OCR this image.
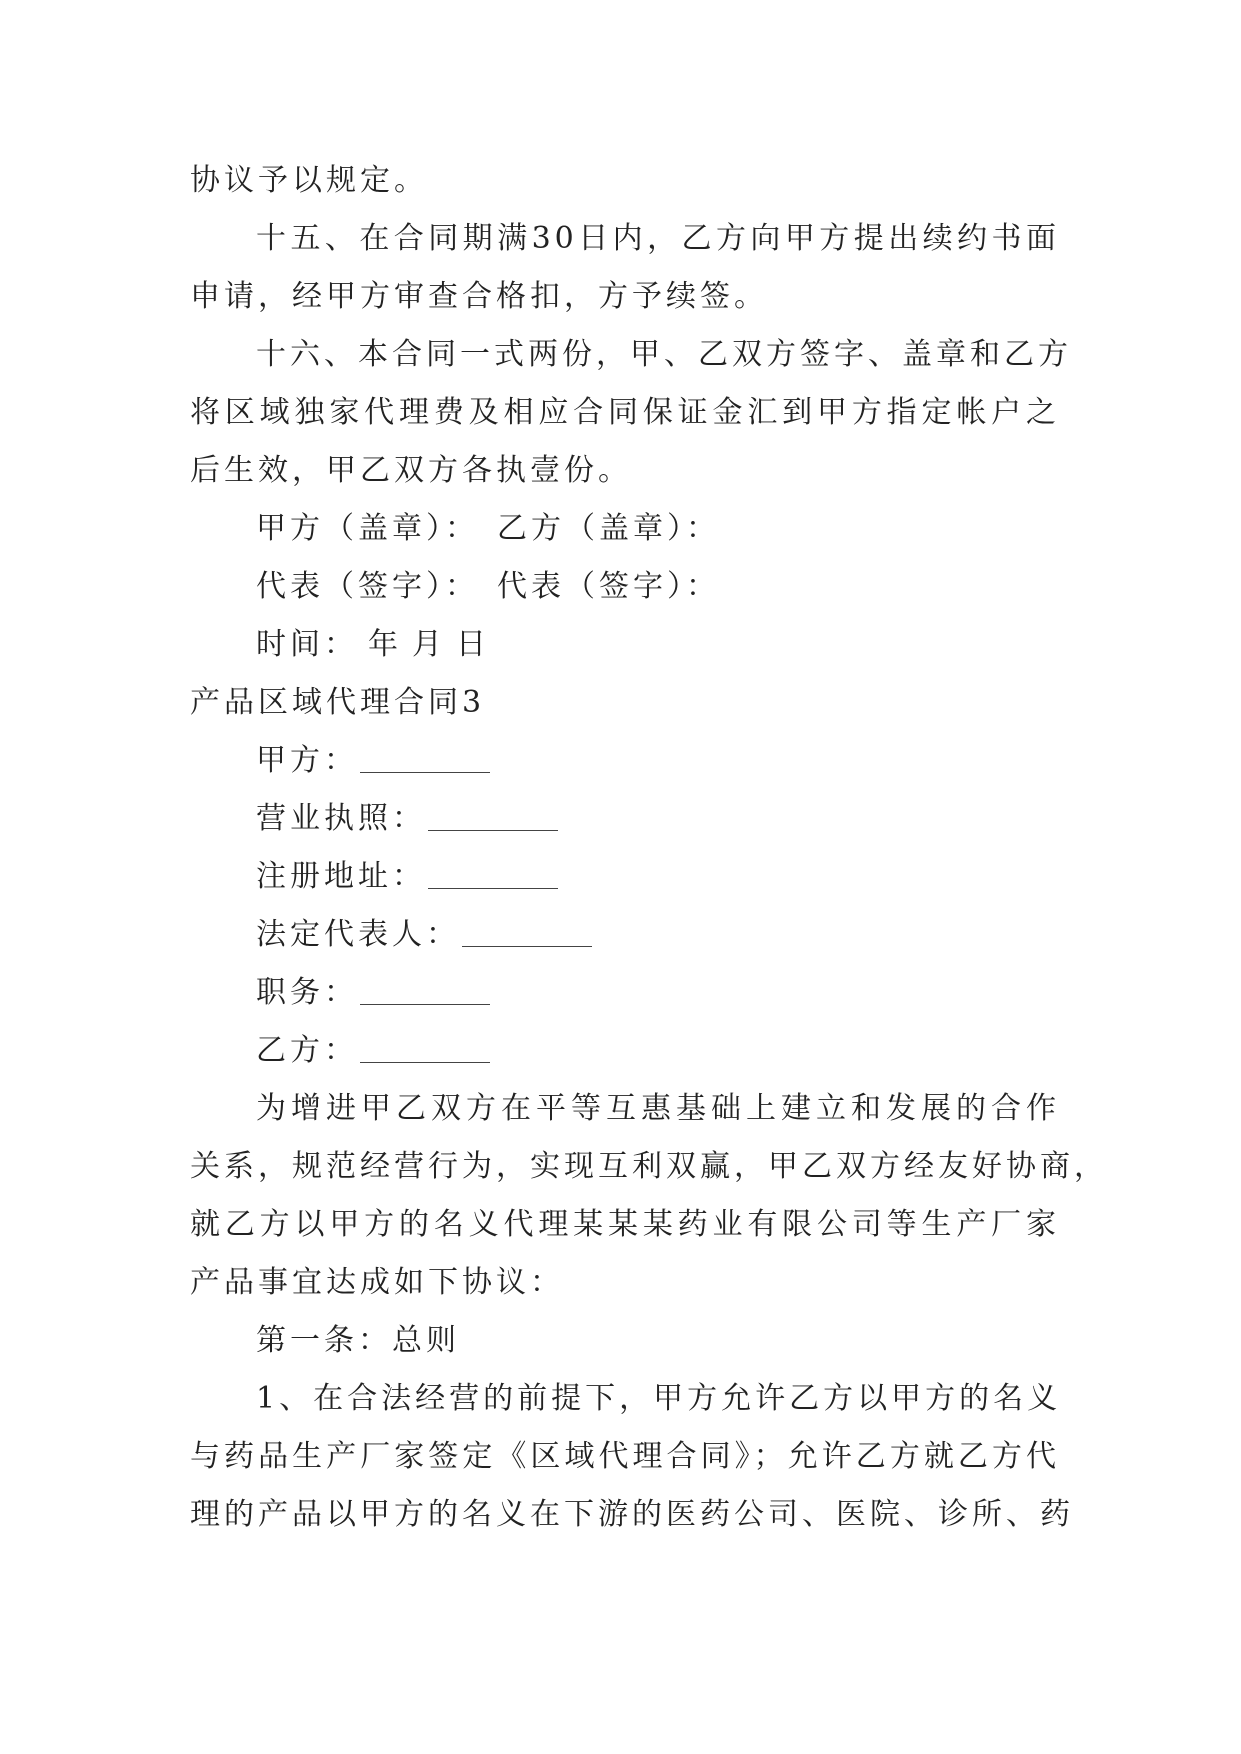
协议予以规定。
十五、在合同期满30日内，乙方向甲方提出续约书面
申请，经甲方审查合格扣，方予续签。
十六、本合同一式两份，甲、乙双方签字、盖章和乙方
将区域独家代理费及相应合同保证金汇到甲方指定帐户之
后生效，甲乙双方各执壹份。
甲方（盖章）： 乙方（盖章）：
代表（签字）： 代表（签字）：
时间： 年 月 日
产品区域代理合同3
甲方：
营业执照：
注册地址：
法定代表人：
职务：
乙方：
为增进甲乙双方在平等互惠基础上建立和发展的合作
关系，规范经营行为，实现互利双赢，甲乙双方经友好协商，
就乙方以甲方的名义代理某某某药业有限公司等生产厂家
产品事宜达成如下协议：
第一条：总则
1、在合法经营的前提下，甲方允许乙方以甲方的名义
与药品生产厂家签定《区域代理合同》；允许乙方就乙方代
理的产品以甲方的名义在下游的医药公司、医院、诊所、药
